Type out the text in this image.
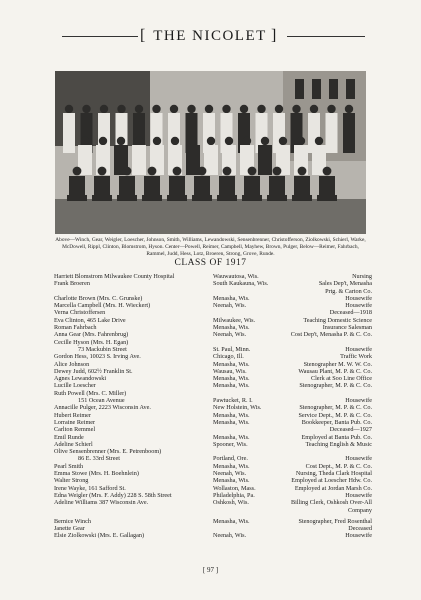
[ THE NICOLET ]
Above—Winch, Gear, Weigler, Loescher, Johnson, Smith, Williams, Lewandowski, Sensenbrenner, Christofferson, Ziolkowski, Schierl, Warke, McDowell, Rippl, Clinton, Blomstrom, Hyson. Center—Powell, Reimer, Campbell, Mayhew, Brown, Pulger, Below—Reimer, Fahrbach, Rammel, Judd, Hess, Lotz, Broeren, Strong, Grove, Runde.
CLASS OF 1917
Harriett Blomstrom Milwaukee County Hospital	Wauwautosa, Wis.	Nursing
Frank Broeren	South Kaukauna, Wis.	Sales Dep't, Menasha
Prtg. & Carton Co.
Charlotte Brown (Mrs. C. Grunske)	Menasha, Wis.	Housewife
Marcella Campbell (Mrs. H. Wieckert)	Neenah, Wis.	Housewife
Verna Christoffersen	Deceased—1918
Eva Clinton, 465 Lake Drive	Milwaukee, Wis.	Teaching Domestic Science
Roman Fahrbach	Menasha, Wis.	Insurance Salesman
Anna Gear (Mrs. Fahrenbrug)	Neenah, Wis.	Cost Dep't, Menasha P. & C. Co.
Cecille Hyson (Mrs. H. Egan)
73 Mackubin Street	St. Paul, Minn.	Housewife
Gordon Hess, 10023 S. Irving Ave.	Chicago, Ill.	Traffic Work
Alice Johnson	Menasha, Wis.	Stenographer M. W. W. Co.
Dewey Judd, 602½ Franklin St.	Wausau, Wis.	Wausau Plant, M. P. & C. Co.
Agnes Lewandowski	Menasha, Wis.	Clerk at Soo Line Office
Lucille Loescher	Menasha, Wis.	Stenographer, M. P. & C. Co.
Ruth Powell (Mrs. C. Miller)
151 Ocean Avenue	Pawtucket, R. I.	Housewife
Annacille Pulger, 2223 Wisconsin Ave.	New Holstein, Wis.	Stenographer, M. P. & C. Co.
Hubert Reimer	Menasha, Wis.	Service Dept., M. P. & C. Co.
Lorraine Reimer	Menasha, Wis.	Bookkeeper, Banta Pub. Co.
Carlton Remmel	Deceased—1927
Emil Runde	Menasha, Wis.	Employed at Banta Pub. Co.
Adeline Schierl	Spooner, Wis.	Teaching English & Music
Olive Sensenbrenner (Mrs. E. Petrenboom)
86 E. 33rd Street	Portland, Ore.	Housewife
Pearl Smith	Menasha, Wis.	Cost Dept., M. P. & C. Co.
Emma Stowe (Mrs. H. Boehnlein)	Neenah, Wis.	Nursing, Theda Clark Hospital
Walter Strong	Menasha, Wis.	Employed at Loescher Hdw. Co.
Irene Wayke, 161 Safford St.	Wollaston, Mass.	Employed at Jordan Marsh Co.
Edna Weigler (Mrs. F. Addy) 228 S. 58th Street	Philadelphia, Pa.	Housewife
Adeline Williams 387 Wisconsin Ave.	Oshkosh, Wis.	Billing Clerk, Oshkosh Over-All
Company
Bernice Winch	Menasha, Wis.	Stenographer, Fred Rosenthal
Janette Gear	Deceased
Elsie Ziolkowski (Mrs. E. Gallagan)	Neenah, Wis.	Housewife
[ 97 ]
